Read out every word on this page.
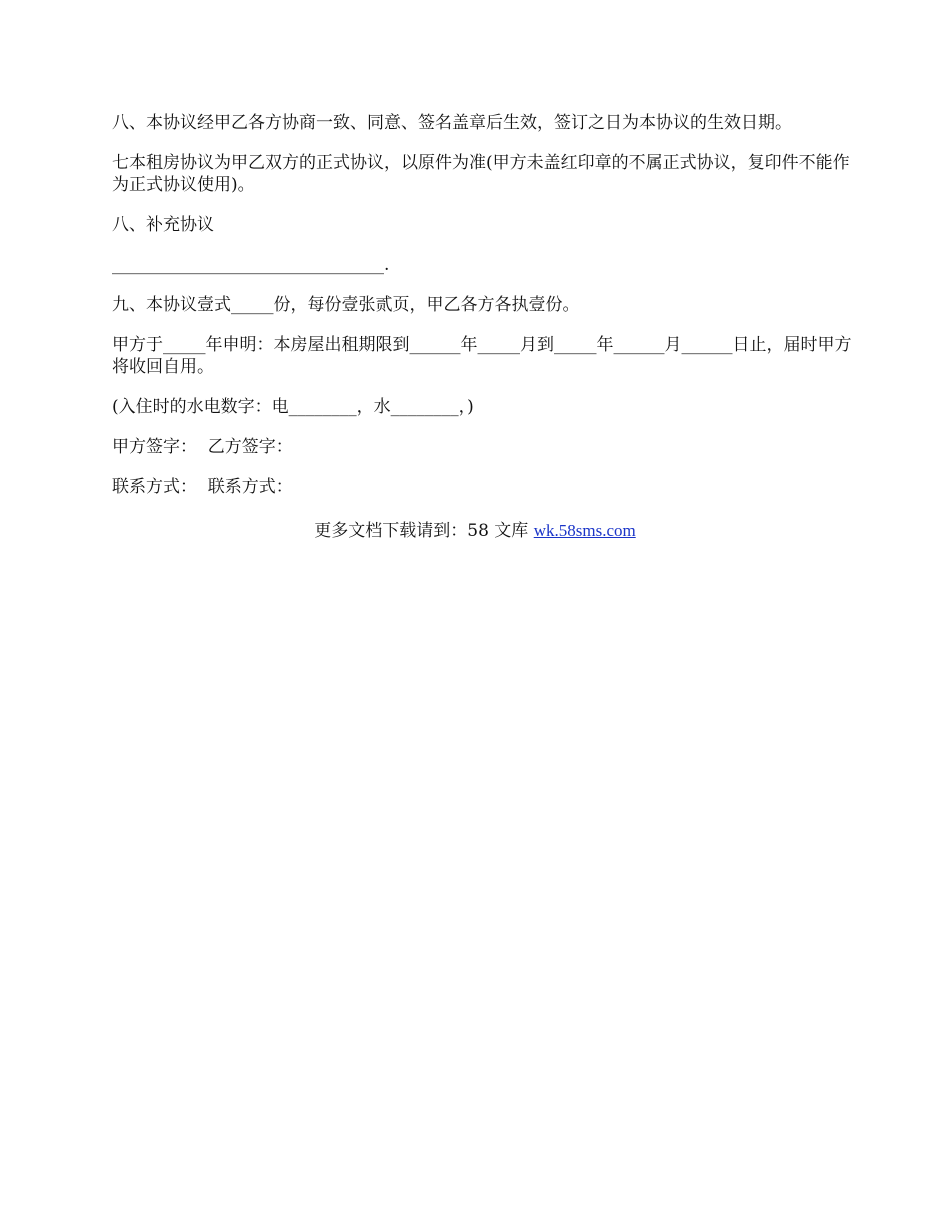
八、本协议经甲乙各方协商一致、同意、签名盖章后生效，签订之日为本协议的生效日期。

七本租房协议为甲乙双方的正式协议，以原件为准(甲方未盖红印章的不属正式协议，复印件不能作为正式协议使用)。

八、补充协议

________________________________.

九、本协议壹式_____份，每份壹张贰页，甲乙各方各执壹份。

甲方于_____年申明：本房屋出租期限到______年_____月到_____年______月______日止，届时甲方将收回自用。

(入住时的水电数字：电________，水________，)

甲方签字：  乙方签字：

联系方式：  联系方式：

更多文档下载请到：58 文库 wk.58sms.com
